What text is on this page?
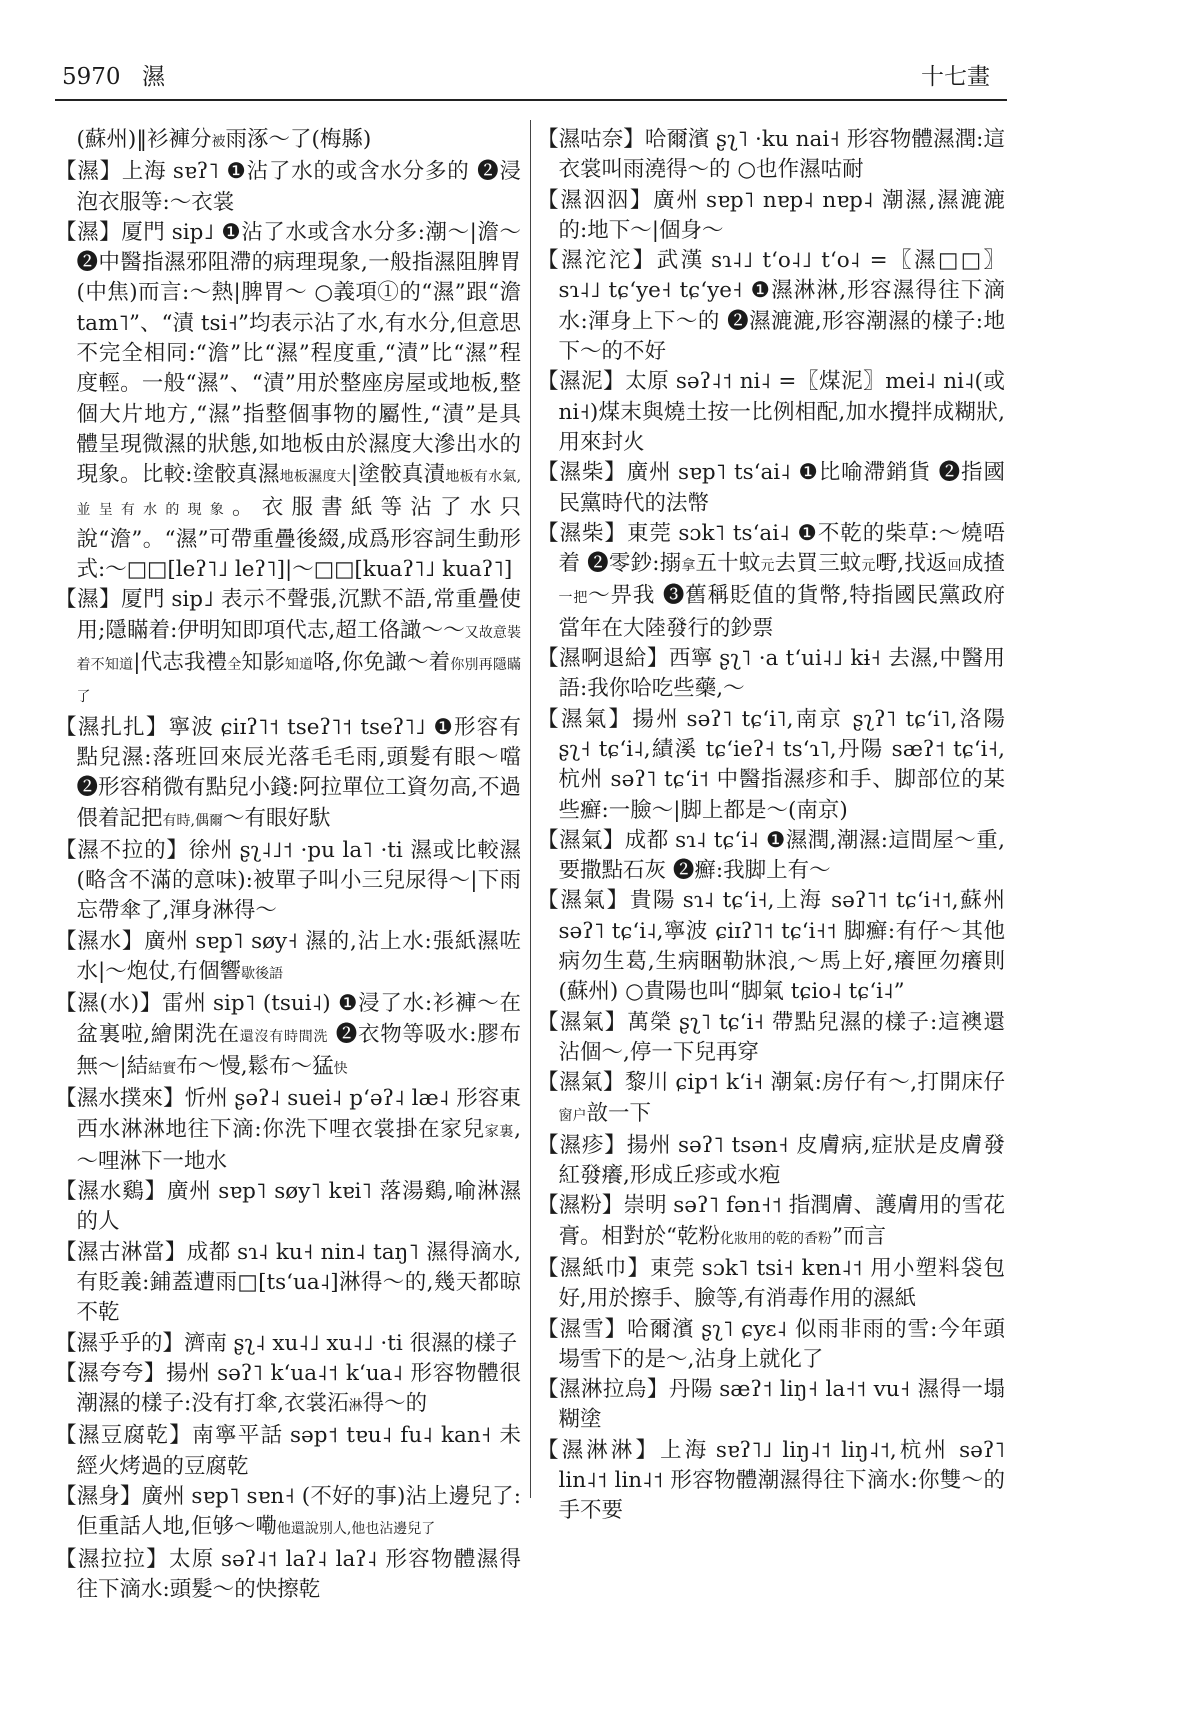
5970 濕	十七畫

(蘇州)‖衫褲分被雨涿～了(梅縣)

【濕】上海 sɐʔ˥ ❶沾了水的或含水分多的 ❷浸泡衣服等:～衣裳

【濕】厦門 sip˩ ❶沾了水或含水分多:潮～|澹～ ❷中醫指濕邪阻滯的病理現象,一般指濕阻脾胃(中焦)而言:～熱|脾胃～ ○義項①的“濕”跟“澹 tam˥”、“漬 tsi˧”均表示沾了水,有水分,但意思不完全相同:“澹”比“濕”程度重,“漬”比“濕”程度輕。一般“濕”、“漬”用於整座房屋或地板,整個大片地方,“濕”指整個事物的屬性,“漬”是具體呈現微濕的狀態,如地板由於濕度大滲出水的現象。比較:塗骹真濕地板濕度大|塗骹真漬地板有水氣,並呈有水的現象。衣服書紙等沾了水只說“澹”。“濕”可帶重疊後綴,成爲形容詞生動形式:～□□[leʔ˥˩ leʔ˥]|～□□[kuaʔ˥˩ kuaʔ˥]

【濕】厦門 sip˩ 表示不聲張,沉默不語,常重疊使用;隱瞞着:伊明知即項代志,超工佫譀～～又故意裝着不知道|代志我禮全知影知道咯,你免譀～着你別再隱瞞了

【濕扎扎】寧波 ɕiɪʔ˥˦ tseʔ˥˦ tseʔ˥˩ ❶形容有點兒濕:落班回來辰光落毛毛雨,頭髮有眼～噹 ❷形容稍微有點兒小錢:阿拉單位工資勿高,不過偎着記把有時,偶爾～有眼好馱

【濕不拉的】徐州 ʂʅ˨˩˦ ·pu la˥ ·ti 濕或比較濕(略含不滿的意味):被單子叫小三兒尿得～|下雨忘帶傘了,渾身淋得～

【濕水】廣州 sɐp˥ søy˧ 濕的,沾上水:張紙濕咗水|～炮仗,冇個響歇後語

【濕(水)】雷州 sip˥ (tsui˨) ❶浸了水:衫褲～在盆裏啦,繪閑洗在還沒有時間洗 ❷衣物等吸水:膠布無～|結結實布～慢,鬆布～猛快

【濕水撲來】忻州 ʂəʔ˨ suei˨ pʻəʔ˨ læ˨ 形容東西水淋淋地往下滴:你洗下哩衣裳掛在家兒家裏,～哩淋下一地水

【濕水鷄】廣州 sɐp˥ søy˥ kɐi˥ 落湯鷄,喻淋濕的人

【濕古淋當】成都 sɿ˨ ku˧ nin˨ taŋ˥ 濕得滴水,有貶義:鋪蓋遭雨□[tsʻua˨]淋得～的,幾天都晾不乾

【濕乎乎的】濟南 ʂʅ˨ xu˨˩ xu˨˩ ·ti 很濕的樣子

【濕夸夸】揚州 səʔ˥ kʻua˨˦ kʻua˨ 形容物體很潮濕的樣子:没有打傘,衣裳沰淋得～的

【濕豆腐乾】南寧平話 səp˦ tɐu˨ fu˨ kan˧ 未經火烤過的豆腐乾

【濕身】廣州 sɐp˥ sɐn˧ (不好的事)沾上邊兒了:佢重話人地,佢够～嘞他還說別人,他也沾邊兒了

【濕拉拉】太原 səʔ˨˦ laʔ˨ laʔ˨ 形容物體濕得往下滴水:頭髮～的快擦乾

【濕咕奈】哈爾濱 ʂʅ˥ ·ku nai˧ 形容物體濕潤:這衣裳叫雨澆得～的 ○也作濕咕耐

【濕泅泅】廣州 sɐp˥ nɐp˨ nɐp˨ 潮濕,濕漉漉的:地下～|個身～

【濕沱沱】武漢 sɿ˨˩ tʻo˨˩ tʻo˨ =〖濕□□〗sɿ˨˩ tɕʻye˧ tɕʻye˧ ❶濕淋淋,形容濕得往下滴水:渾身上下～的 ❷濕漉漉,形容潮濕的樣子:地下～的不好

【濕泥】太原 səʔ˨˦ ni˨ =〖煤泥〗mei˨ ni˨(或ni˧)煤末與燒土按一比例相配,加水攪拌成糊狀,用來封火

【濕柴】廣州 sɐp˥ tsʻai˨ ❶比喻滯銷貨 ❷指國民黨時代的法幣

【濕柴】東莞 sɔk˥ tsʻai˨ ❶不乾的柴草:～燒唔着 ❷零鈔:搦拿五十蚊元去買三蚊元嘢,找返回成揸一把～畀我 ❸舊稱貶值的貨幣,特指國民黨政府當年在大陸發行的鈔票

【濕啊退給】西寧 ʂʅ˥ ·a tʻui˨˩ kɨ˧ 去濕,中醫用語:我你哈吃些藥,～

【濕氣】揚州 səʔ˥ tɕʻi˥,南京 ʂʅʔ˥ tɕʻi˥,洛陽 ʂʅ˧ tɕʻi˨,績溪 tɕʻieʔ˧ tsʻɿ˥,丹陽 sæʔ˦ tɕʻi˧,杭州 səʔ˥ tɕʻi˦ 中醫指濕疹和手、脚部位的某些癬:一臉～|脚上都是～(南京)

【濕氣】成都 sɿ˨ tɕʻi˨ ❶濕潤,潮濕:這間屋～重,要撒點石灰 ❷癬:我脚上有～

【濕氣】貴陽 sɿ˨ tɕʻi˧,上海 səʔ˥˦ tɕʻi˧˦,蘇州 səʔ˥ tɕʻi˨,寧波 ɕiɪʔ˥˦ tɕʻi˧˦ 脚癬:有仔～其他病勿生葛,生病睏勒牀浪,～馬上好,癢匣勿癢則(蘇州) ○貴陽也叫“脚氣 tɕio˨ tɕʻi˨”

【濕氣】萬榮 ʂʅ˥ tɕʻi˧ 帶點兒濕的樣子:這襖還沾個～,停一下兒再穿

【濕氣】黎川 ɕip˦ kʻi˧ 潮氣:房仔有～,打開床仔窗户敨一下

【濕疹】揚州 səʔ˥ tsən˧ 皮膚病,症狀是皮膚發紅發癢,形成丘疹或水疱

【濕粉】崇明 səʔ˥ fən˧˦ 指潤膚、護膚用的雪花膏。相對於“乾粉化妝用的乾的香粉”而言

【濕紙巾】東莞 sɔk˥ tsi˧ kɐn˨˦ 用小塑料袋包好,用於擦手、臉等,有消毒作用的濕紙

【濕雪】哈爾濱 ʂʅ˥ ɕyɛ˨ 似雨非雨的雪:今年頭場雪下的是～,沾身上就化了

【濕淋拉烏】丹陽 sæʔ˦ liŋ˧ la˧˦ vu˧ 濕得一塌糊塗

【濕淋淋】上海 sɐʔ˥˩ liŋ˨˦ liŋ˨˦,杭州 səʔ˥ lin˨˦ lin˨˦ 形容物體潮濕得往下滴水:你雙～的手不要
